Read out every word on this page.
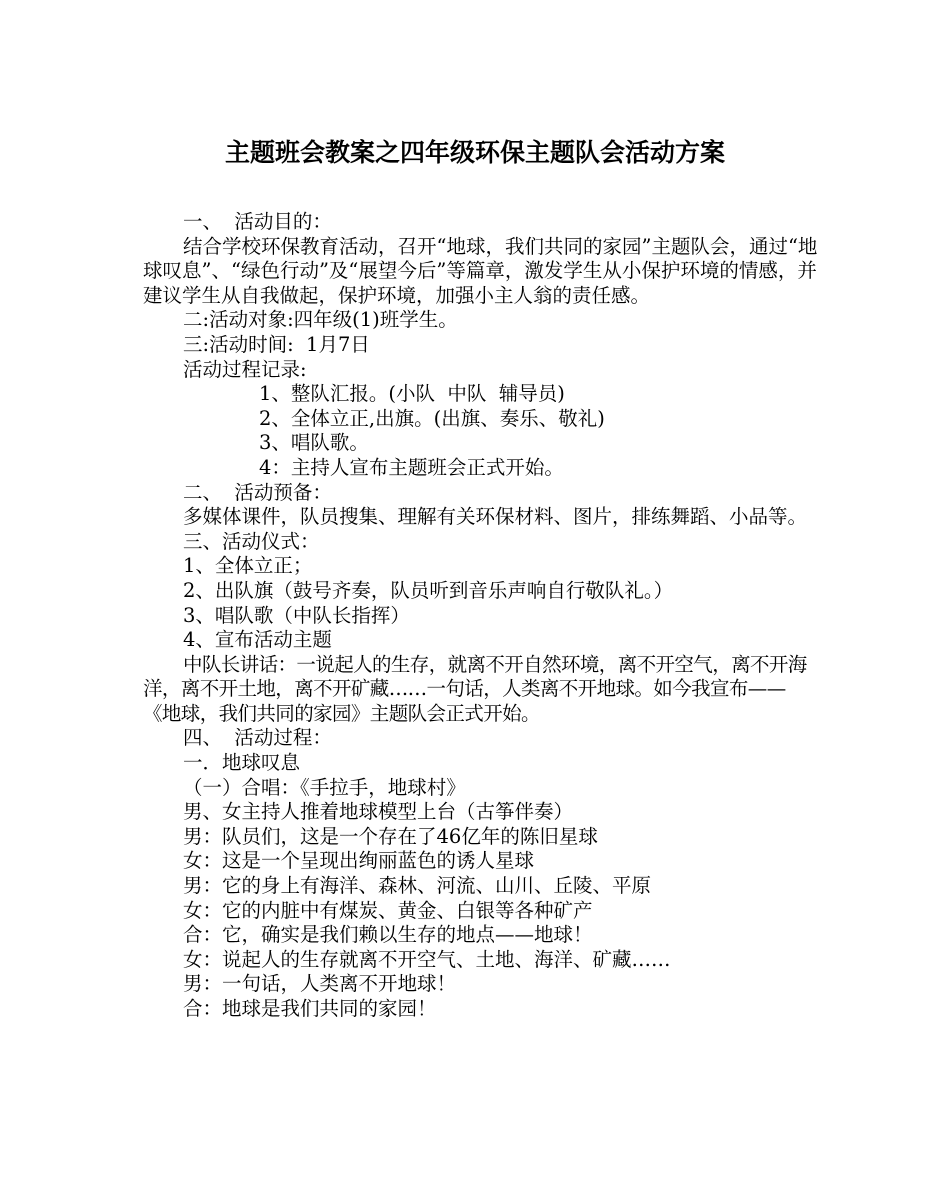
主题班会教案之四年级环保主题队会活动方案

一、  活动目的：

结合学校环保教育活动，召开“地球，我们共同的家园”主题队会，通过“地球叹息”、“绿色行动”及“展望今后”等篇章，激发学生从小保护环境的情感，并建议学生从自我做起，保护环境，加强小主人翁的责任感。

二:活动对象:四年级(1)班学生。

三:活动时间:  1月7日

活动过程记录:

1、整队汇报。(小队  中队  辅导员)

2、全体立正,出旗。(出旗、奏乐、敬礼)

3、唱队歌。

4：主持人宣布主题班会正式开始。

二、  活动预备：

多媒体课件，队员搜集、理解有关环保材料、图片，排练舞蹈、小品等。

三、活动仪式：

1、全体立正；

2、出队旗（鼓号齐奏，队员听到音乐声响自行敬队礼。）

3、唱队歌（中队长指挥）

4、宣布活动主题

中队长讲话：一说起人的生存，就离不开自然环境，离不开空气，离不开海洋，离不开土地，离不开矿藏……一句话，人类离不开地球。如今我宣布——《地球，我们共同的家园》主题队会正式开始。

四、  活动过程：

一．地球叹息

（一）合唱：《手拉手，地球村》

男、女主持人推着地球模型上台（古筝伴奏）

男：队员们，这是一个存在了46亿年的陈旧星球

女：这是一个呈现出绚丽蓝色的诱人星球

男：它的身上有海洋、森林、河流、山川、丘陵、平原

女：它的内脏中有煤炭、黄金、白银等各种矿产

合：它，确实是我们赖以生存的地点——地球！

女：说起人的生存就离不开空气、土地、海洋、矿藏……

男：一句话，人类离不开地球！

合：地球是我们共同的家园！
